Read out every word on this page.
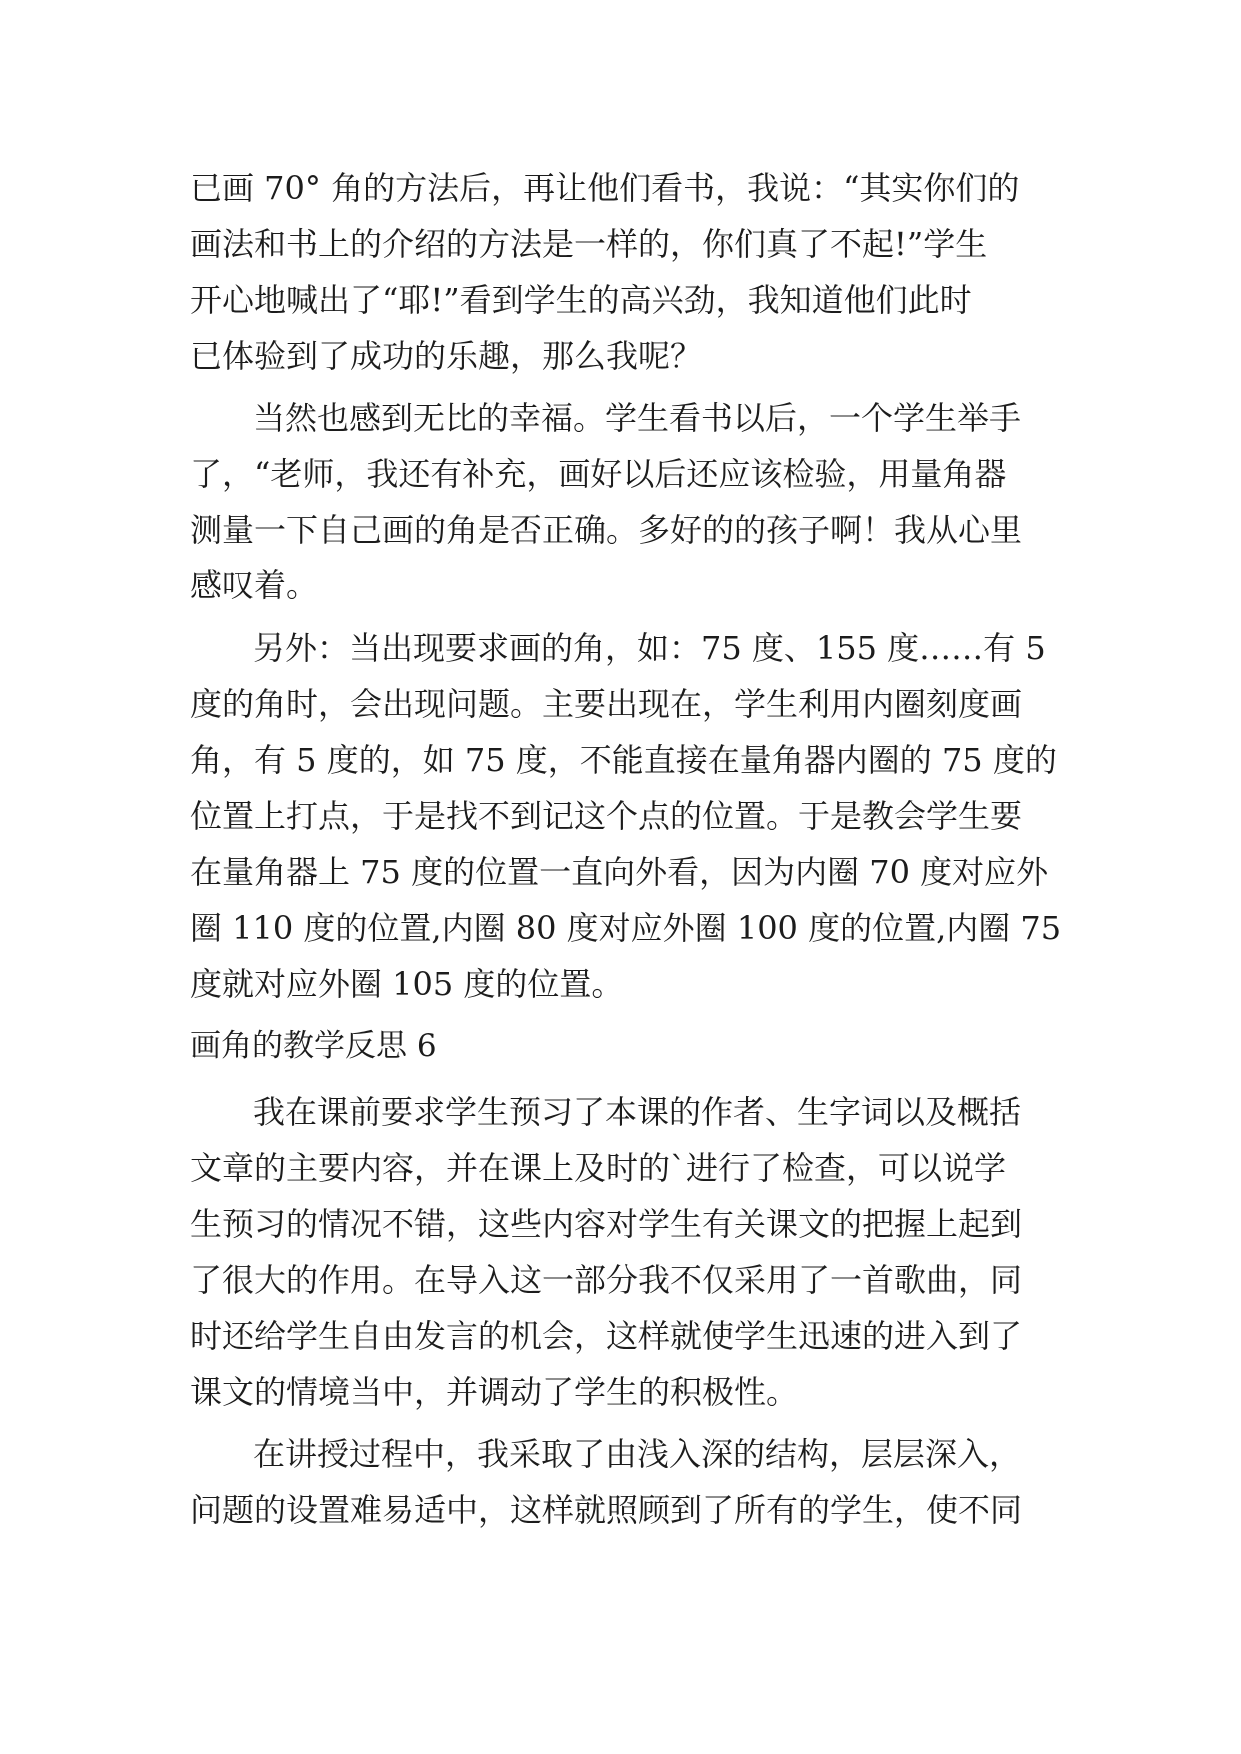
已画 70° 角的方法后，再让他们看书，我说：“其实你们的
画法和书上的介绍的方法是一样的，你们真了不起!”学生
开心地喊出了“耶!”看到学生的高兴劲，我知道他们此时
已体验到了成功的乐趣，那么我呢？
当然也感到无比的幸福。学生看书以后，一个学生举手
了，“老师，我还有补充，画好以后还应该检验，用量角器
测量一下自己画的角是否正确。多好的的孩子啊！我从心里
感叹着。
另外：当出现要求画的角，如：75 度、155 度……有 5
度的角时，会出现问题。主要出现在，学生利用内圈刻度画
角，有 5 度的，如 75 度，不能直接在量角器内圈的 75 度的
位置上打点，于是找不到记这个点的位置。于是教会学生要
在量角器上 75 度的位置一直向外看，因为内圈 70 度对应外
圈 110 度的位置,内圈 80 度对应外圈 100 度的位置,内圈 75
度就对应外圈 105 度的位置。
画角的教学反思 6
我在课前要求学生预习了本课的作者、生字词以及概括
文章的主要内容，并在课上及时的`进行了检查，可以说学
生预习的情况不错，这些内容对学生有关课文的把握上起到
了很大的作用。在导入这一部分我不仅采用了一首歌曲，同
时还给学生自由发言的机会，这样就使学生迅速的进入到了
课文的情境当中，并调动了学生的积极性。
在讲授过程中，我采取了由浅入深的结构，层层深入，
问题的设置难易适中，这样就照顾到了所有的学生，使不同
